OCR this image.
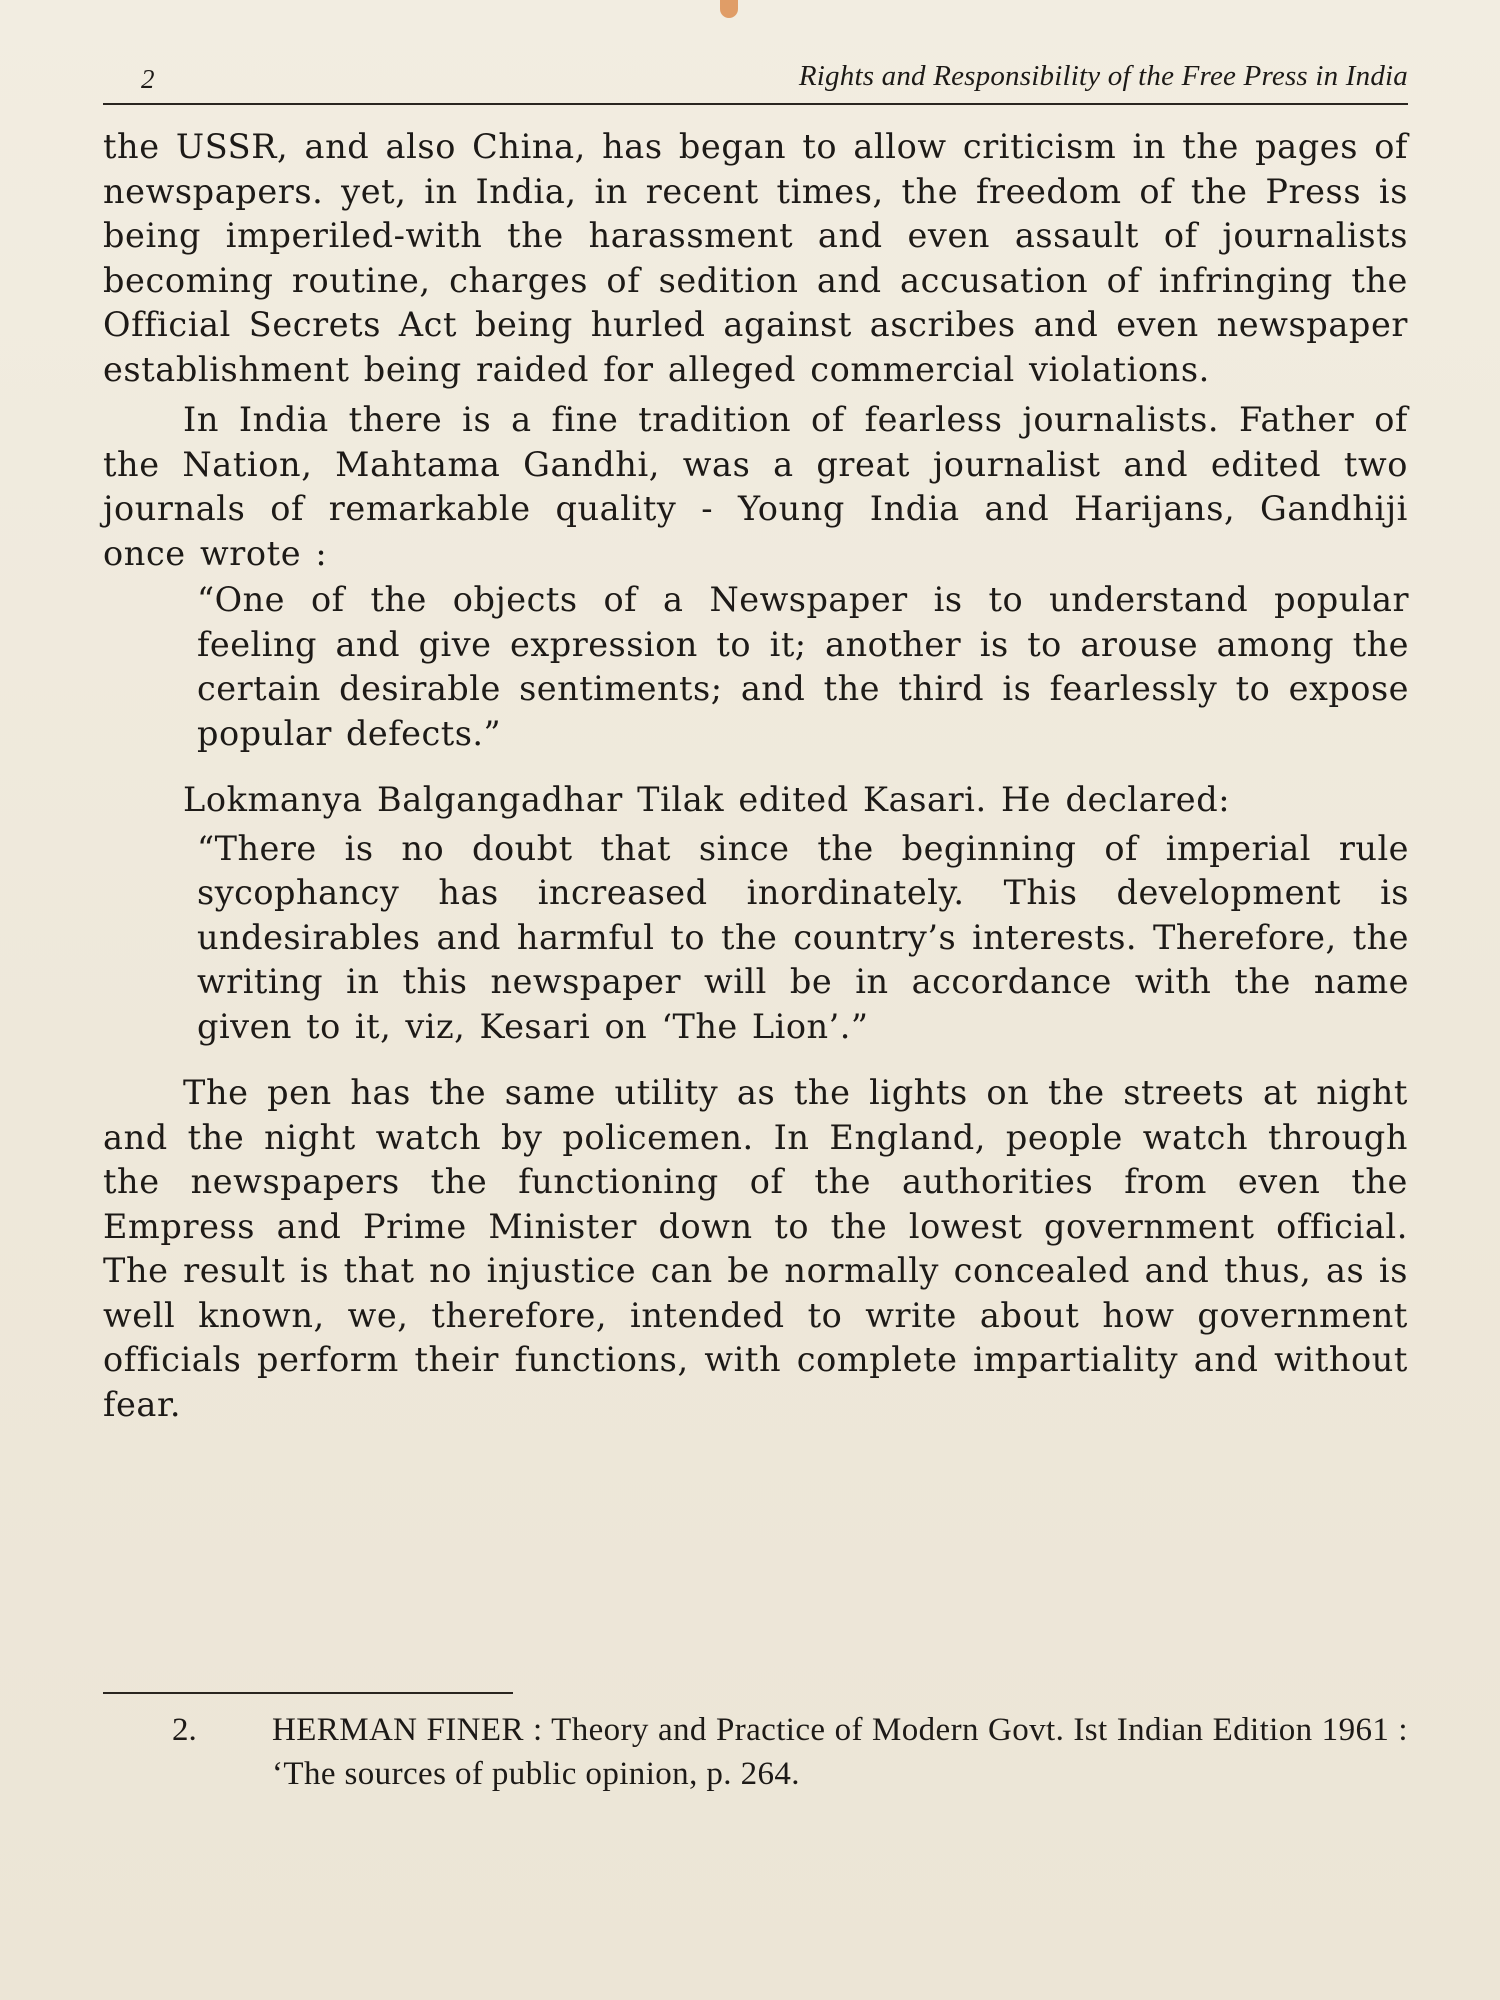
2	Rights and Responsibility of the Free Press in India

the USSR, and also China, has began to allow criticism in the pages of newspapers. yet, in India, in recent times, the freedom of the Press is being imperiled-with the harassment and even assault of journalists becoming routine, charges of sedition and accusation of infringing the Official Secrets Act being hurled against ascribes and even newspaper establishment being raided for alleged commercial violations.

In India there is a fine tradition of fearless journalists. Father of the Nation, Mahtama Gandhi, was a great journalist and edited two journals of remarkable quality - Young India and Harijans, Gandhiji once wrote :

“One of the objects of a Newspaper is to understand popular feeling and give expression to it; another is to arouse among the certain desirable sentiments; and the third is fearlessly to expose popular defects.”

Lokmanya Balgangadhar Tilak edited Kasari. He declared:

“There is no doubt that since the beginning of imperial rule sycophancy has increased inordinately. This development is undesirables and harmful to the country’s interests. Therefore, the writing in this newspaper will be in accordance with the name given to it, viz, Kesari on ‘The Lion’.”

The pen has the same utility as the lights on the streets at night and the night watch by policemen. In England, people watch through the newspapers the functioning of the authorities from even the Empress and Prime Minister down to the lowest government official. The result is that no injustice can be normally concealed and thus, as is well known, we, therefore, intended to write about how government officials perform their functions, with complete impartiality and without fear.

2. HERMAN FINER : Theory and Practice of Modern Govt. Ist Indian Edition 1961 : ‘The sources of public opinion, p. 264.
